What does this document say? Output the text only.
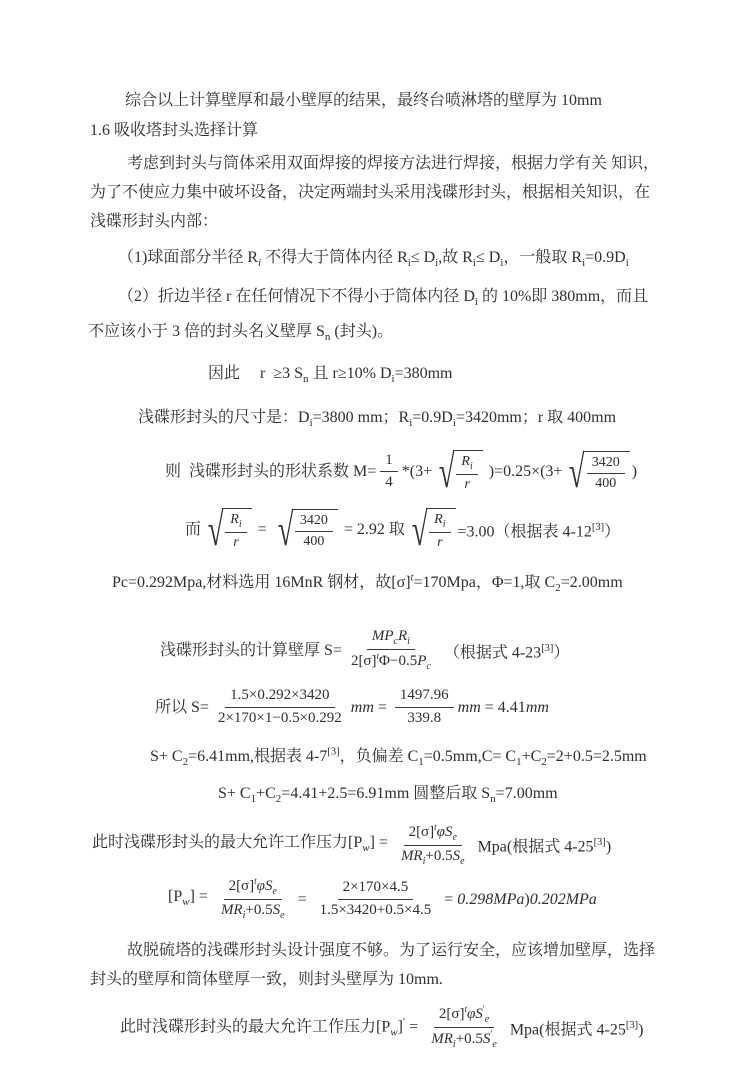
综合以上计算壁厚和最小壁厚的结果，最终台喷淋塔的壁厚为 10mm
1.6 吸收塔封头选择计算
考虑到封头与筒体采用双面焊接的焊接方法进行焊接，根据力学有关 知识，
为了不使应力集中破坏设备，决定两端封头采用浅碟形封头，根据相关知识，在
浅碟形封头内部：
（1)球面部分半径 $R_i$ 不得大于筒体内径 $R_i\le D_i$,故 $R_i\le D_i$，一般取 $R_i=0.9D_i$
（2）折边半径 r 在任何情况下不得小于筒体内径 $D_i$ 的 10%即 380mm，而且
不应该小于 3 倍的封头名义壁厚 $S_n$ (封头)。
因此　 r  ≥3 $S_n$ 且 r≥10% $D_i=380mm$
浅碟形封头的尺寸是：$D_i=3800$ mm；$R_i=0.9D_i=3420mm$；r 取 400mm
则  浅碟形封头的形状系数 $M= \frac{1}{4} *(3+$ √ $\frac{R_i}{r} )=0.25\times(3+$ √ $\frac{3420}{400}$ )
而 √ $\frac{R_i}{r}$ = √ $\frac{3420}{400} = 2.92$ 取 √ $\frac{R_i}{r} =3.00$（根据表 4-12[3]）
Pc=0.292Mpa,材料选用 16MnR 钢材，故$[\sigma]^t=170Mpa$，Φ=1,取 $C_2=2.00mm$
浅碟形封头的计算壁厚 $S= \frac{MP_cR_i}{2[\sigma]^t\Phi-0.5P_c}$ （根据式 4-23[3]）
所以 $S= \frac{1.5\times 0.292\times 3420}{2\times 170\times 1-0.5\times 0.292}$ mm = $\frac{1497.96}{339.8}$ mm = 4.41mm
$S+ C_2=6.41mm$,根据表 4-7[3]，负偏差 $C_1=0.5mm,C= C_1+C_2=2+0.5=2.5mm$
$S+ C_1+C_2=4.41+2.5=6.91mm$ 圆整后取 $S_n=7.00mm$
此时浅碟形封头的最大允许工作压力$[P_w] = \frac{2[\sigma]^t\varphi S_e}{MR_i+0.5S_e} Mpa$(根据式 4-25[3])
$[P_w] = \frac{2[\sigma]^t\varphi S_e}{MR_i+0.5S_e} = \frac{2\times 170\times 4.5}{1.5\times 3420+0.5\times 4.5} = 0.298MPa)0.202MPa$
故脱硫塔的浅碟形封头设计强度不够。为了运行安全，应该增加壁厚，选择
封头的壁厚和筒体壁厚一致，则封头壁厚为 10mm.
此时浅碟形封头的最大允许工作压力$[P_w]' = \frac{2[\sigma]^t\varphi S'_e}{MR_i+0.5S'_e} Mpa$(根据式 4-25[3])
